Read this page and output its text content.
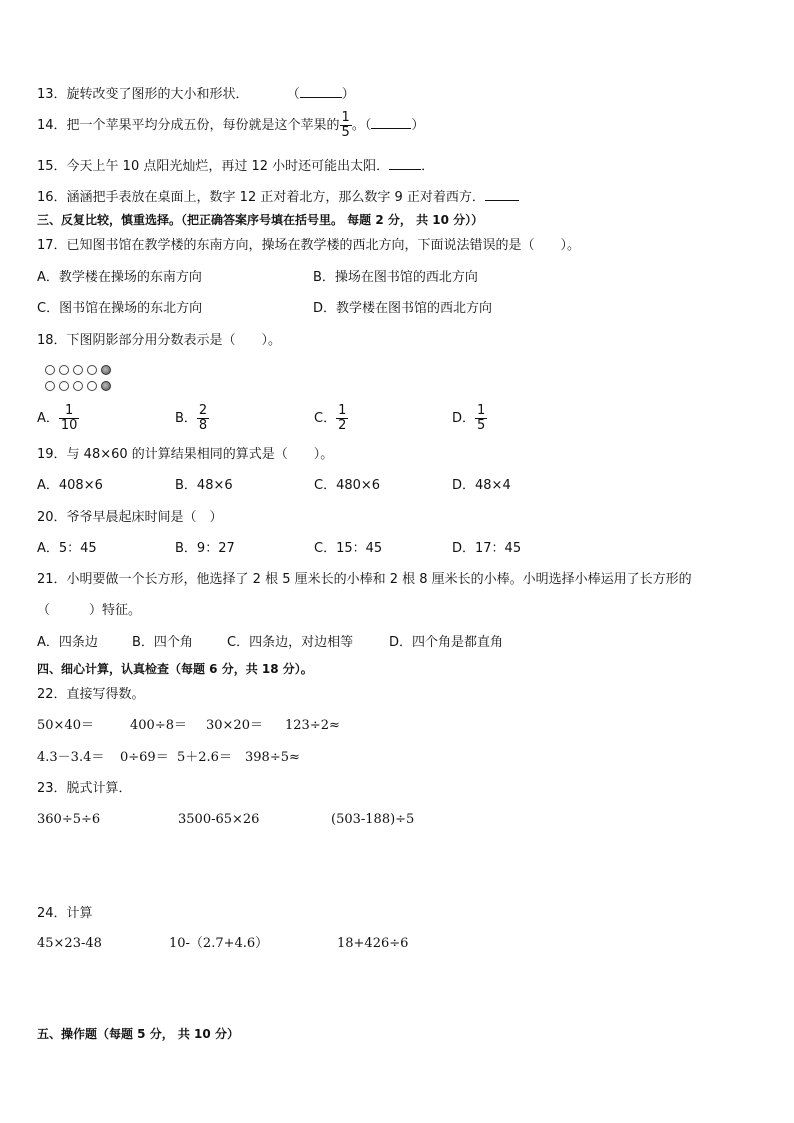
13．旋转改变了图形的大小和形状．	（	）
14．把一个苹果平均分成五份，每份就是这个苹果的 $\frac{1}{5}$ 。（	）
15．今天上午 10 点阳光灿烂，再过 12 小时还可能出太阳． ．
16．涵涵把手表放在桌面上，数字 12 正对着北方，那么数字 9 正对着西方．
三、反复比较，慎重选择。（把正确答案序号填在括号里。 每题 2 分， 共 10 分））
17．已知图书馆在教学楼的东南方向，操场在教学楼的西北方向，下面说法错误的是（　　）。
A．教学楼在操场的东南方向	B．操场在图书馆的西北方向
C．图书馆在操场的东北方向	D．教学楼在图书馆的西北方向
18．下图阴影部分用分数表示是（　　）。
A． $\frac{1}{10}$	B． $\frac{2}{8}$	C． $\frac{1}{2}$	D． $\frac{1}{5}$
19．与 48×60 的计算结果相同的算式是（　　）。
A．408×6	B．48×6	C．480×6	D．48×4
20．爷爷早晨起床时间是（　）
A．5：45	B．9：27	C．15：45	D．17：45
21．小明要做一个长方形，他选择了 2 根 5 厘米长的小棒和 2 根 8 厘米长的小棒。小明选择小棒运用了长方形的
（　　　）特征。
A．四条边	B．四个角	C．四条边，对边相等	D．四个角是都直角
四、细心计算，认真检查（每题 6 分，共 18 分）。
22．直接写得数。
50×40＝	400÷8＝ 30×20＝ 123÷2≈
4.3－3.4＝ 0÷69＝ 5＋2.6＝ 398÷5≈
23．脱式计算．
360÷5÷6	3500-65×26	(503-188)÷5
24．计算
45×23-48	10-（2.7+4.6）	18+426÷6
五、操作题（每题 5 分， 共 10 分）
